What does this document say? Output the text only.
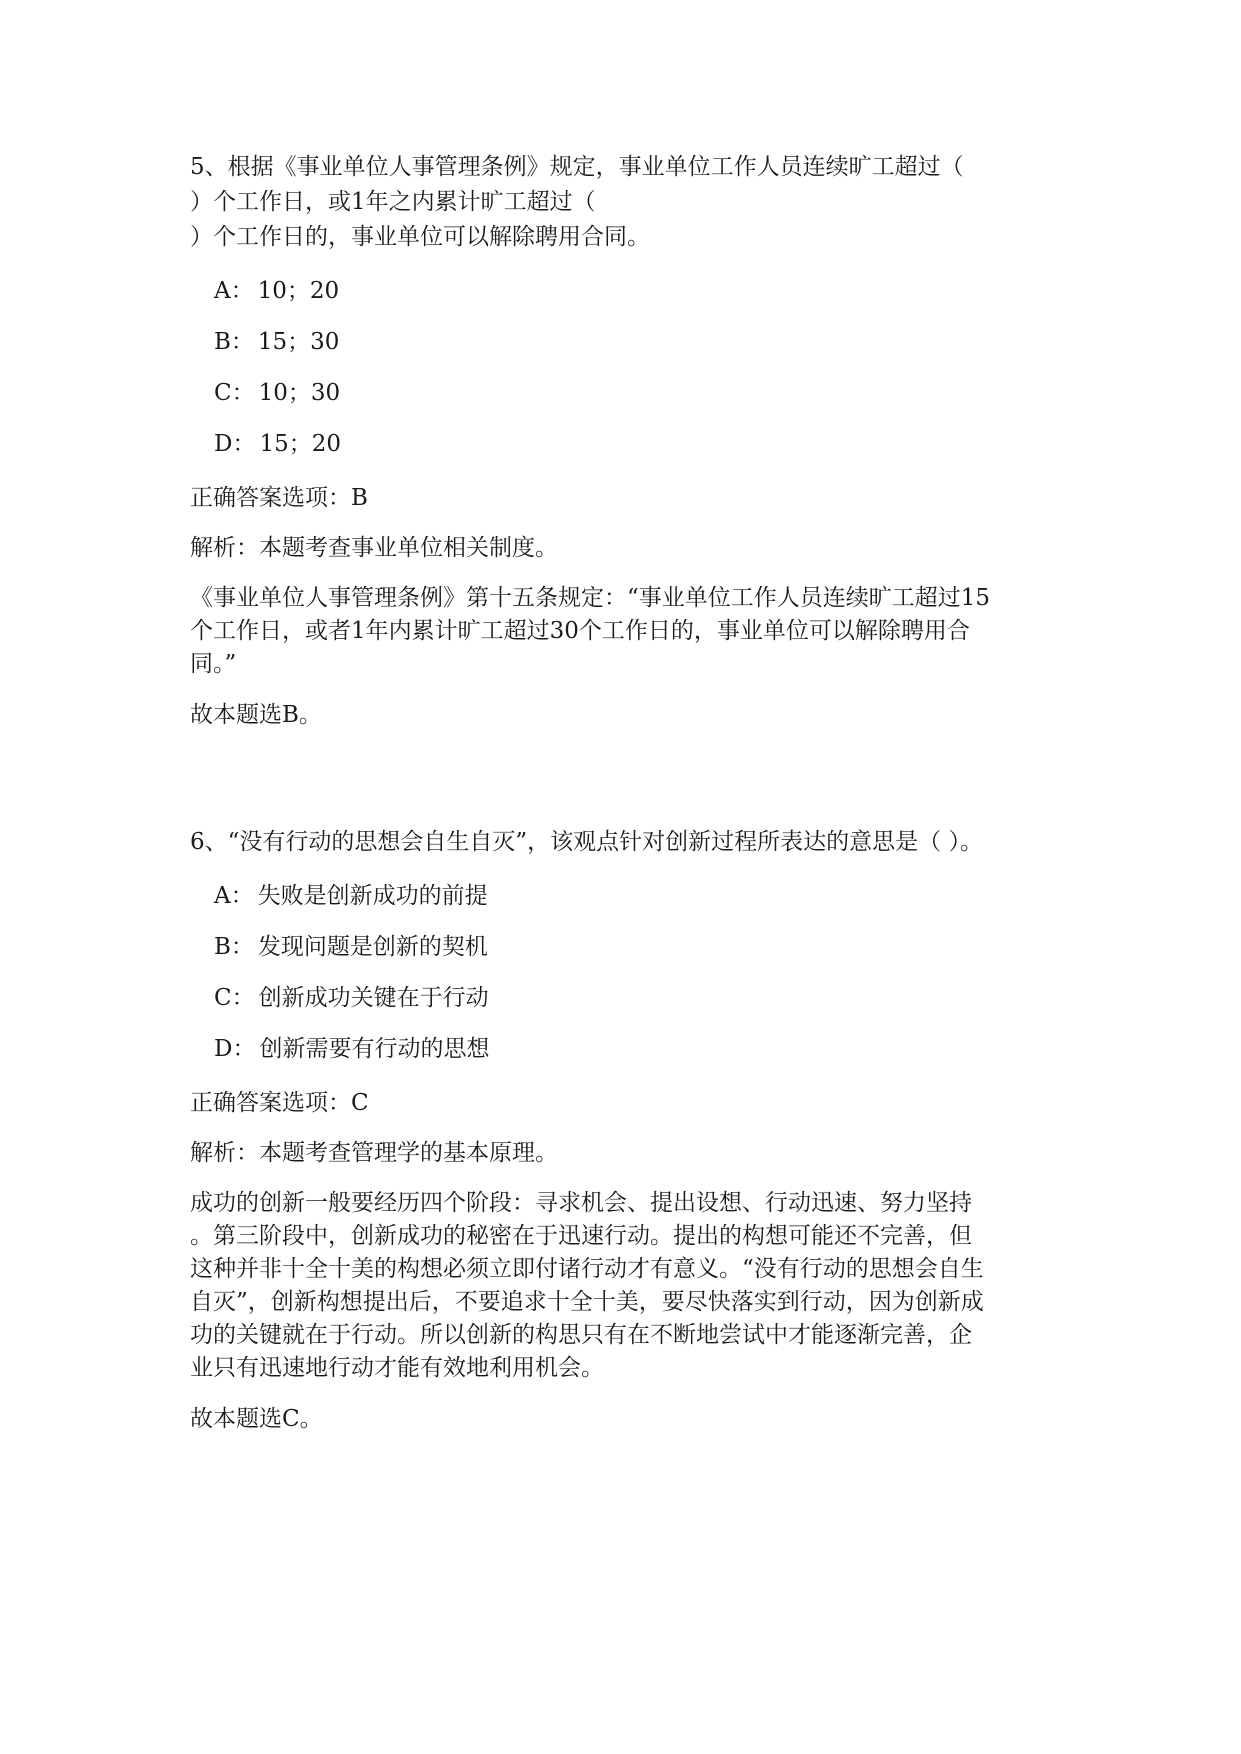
5、根据《事业单位人事管理条例》规定，事业单位工作人员连续旷工超过（
）个工作日，或1年之内累计旷工超过（
）个工作日的，事业单位可以解除聘用合同。
A： 10；20
B： 15；30
C： 10；30
D： 15；20
正确答案选项：B
解析：本题考查事业单位相关制度。
《事业单位人事管理条例》第十五条规定：“事业单位工作人员连续旷工超过15
个工作日，或者1年内累计旷工超过30个工作日的，事业单位可以解除聘用合
同。”
故本题选B。
6、“没有行动的思想会自生自灭”，该观点针对创新过程所表达的意思是（ ）。
A： 失败是创新成功的前提
B： 发现问题是创新的契机
C： 创新成功关键在于行动
D： 创新需要有行动的思想
正确答案选项：C
解析：本题考查管理学的基本原理。
成功的创新一般要经历四个阶段：寻求机会、提出设想、行动迅速、努力坚持
。第三阶段中，创新成功的秘密在于迅速行动。提出的构想可能还不完善，但
这种并非十全十美的构想必须立即付诸行动才有意义。“没有行动的思想会自生
自灭”，创新构想提出后，不要追求十全十美，要尽快落实到行动，因为创新成
功的关键就在于行动。所以创新的构思只有在不断地尝试中才能逐渐完善，企
业只有迅速地行动才能有效地利用机会。
故本题选C。
